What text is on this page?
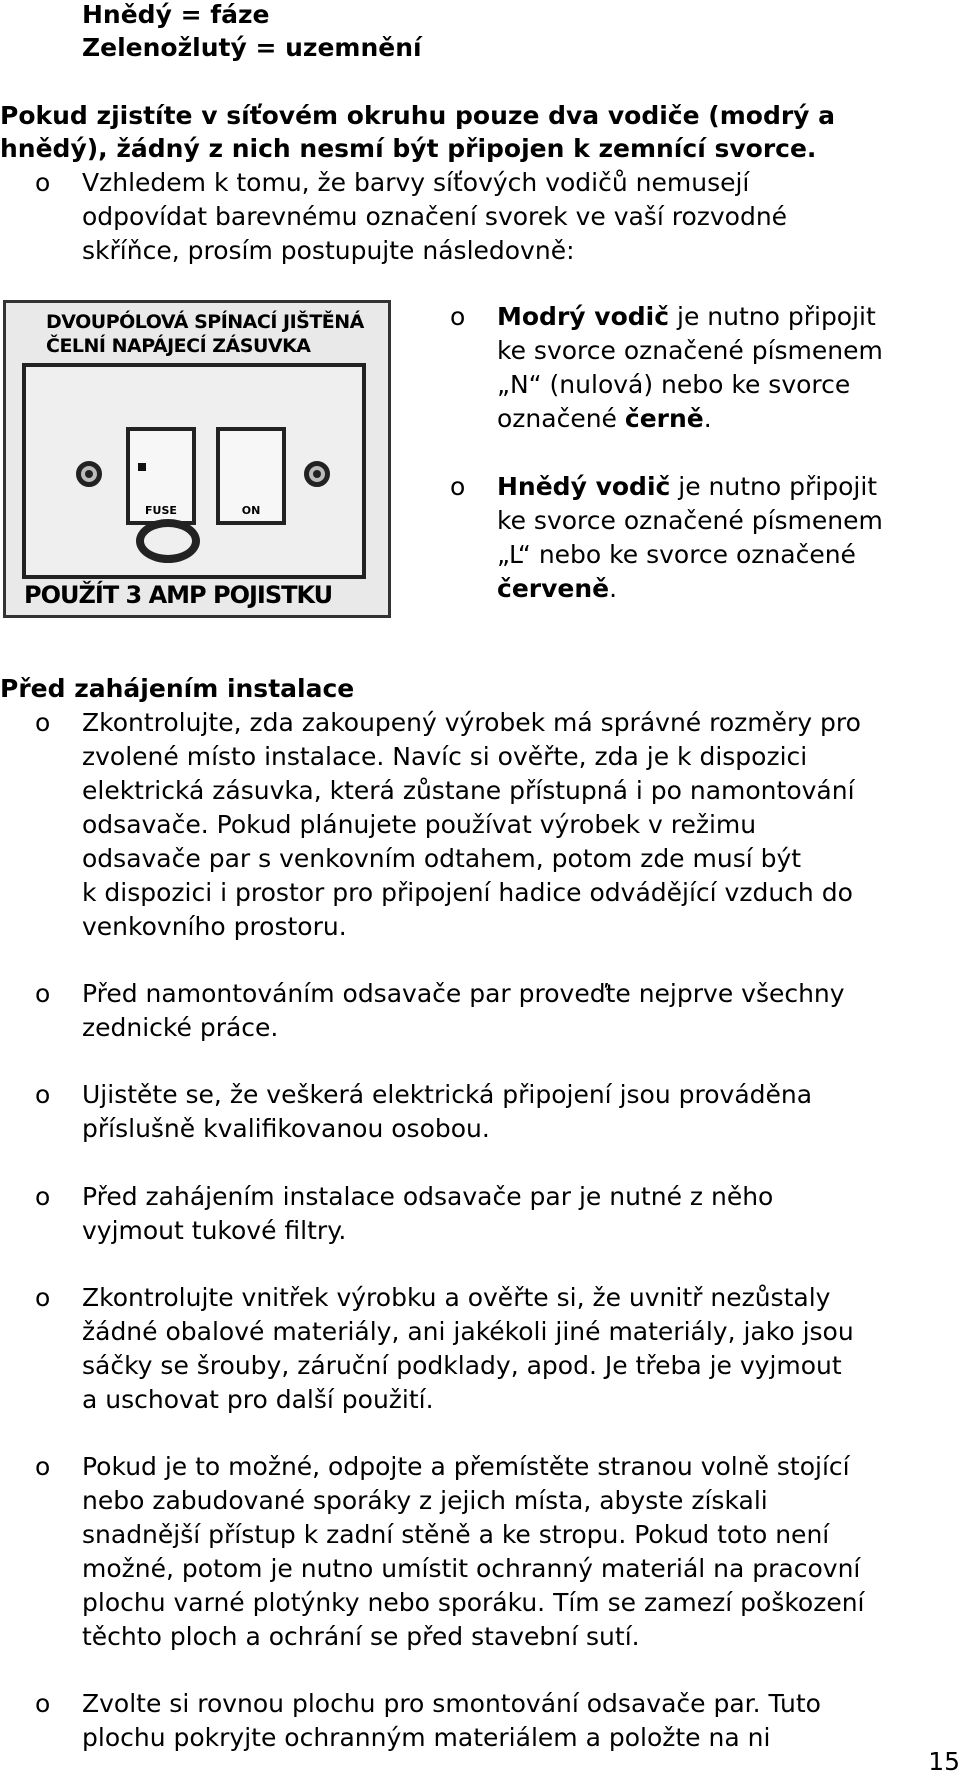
Hnědý = fáze
Zelenožlutý = uzemnění
Pokud zjistíte v síťovém okruhu pouze dva vodiče (modrý a
hnědý), žádný z nich nesmí být připojen k zemnící svorce.
o Vzhledem k tomu, že barvy síťových vodičů nemusejí
odpovídat barevnému označení svorek ve vaší rozvodné
skříňce, prosím postupujte následovně:
DVOUPÓLOVÁ SPÍNACÍ JIŠTĚNÁ
ČELNÍ NAPÁJECÍ ZÁSUVKA
FUSE	ON
POUŽÍT 3 AMP POJISTKU
o Modrý vodič je nutno připojit
ke svorce označené písmenem
„N“ (nulová) nebo ke svorce
označené černě.
o Hnědý vodič je nutno připojit
ke svorce označené písmenem
„L“ nebo ke svorce označené
červeně.
Před zahájením instalace
o Zkontrolujte, zda zakoupený výrobek má správné rozměry pro
zvolené místo instalace. Navíc si ověřte, zda je k dispozici
elektrická zásuvka, která zůstane přístupná i po namontování
odsavače. Pokud plánujete používat výrobek v režimu
odsavače par s venkovním odtahem, potom zde musí být
k dispozici i prostor pro připojení hadice odvádějící vzduch do
venkovního prostoru.
o Před namontováním odsavače par proveďte nejprve všechny
zednické práce.
o Ujistěte se, že veškerá elektrická připojení jsou prováděna
příslušně kvalifikovanou osobou.
o Před zahájením instalace odsavače par je nutné z něho
vyjmout tukové filtry.
o Zkontrolujte vnitřek výrobku a ověřte si, že uvnitř nezůstaly
žádné obalové materiály, ani jakékoli jiné materiály, jako jsou
sáčky se šrouby, záruční podklady, apod. Je třeba je vyjmout
a uschovat pro další použití.
o Pokud je to možné, odpojte a přemístěte stranou volně stojící
nebo zabudované sporáky z jejich místa, abyste získali
snadnější přístup k zadní stěně a ke stropu. Pokud toto není
možné, potom je nutno umístit ochranný materiál na pracovní
plochu varné plotýnky nebo sporáku. Tím se zamezí poškození
těchto ploch a ochrání se před stavební sutí.
o Zvolte si rovnou plochu pro smontování odsavače par. Tuto
plochu pokryjte ochranným materiálem a položte na ni
15
